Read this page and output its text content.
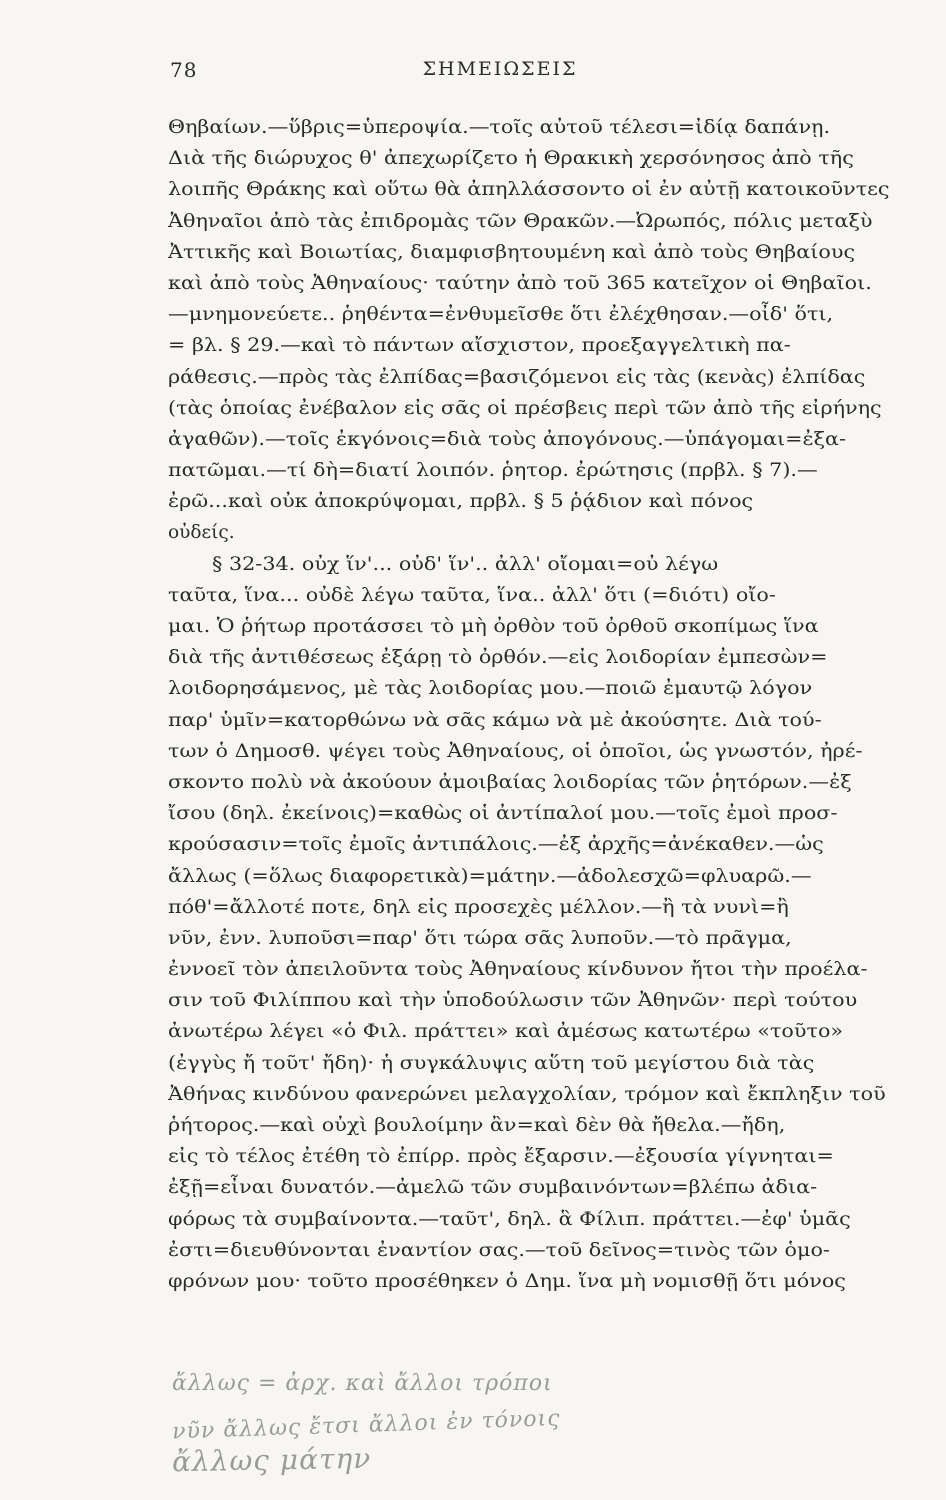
78	ΣΗΜΕΙΩΣΕΙΣ
Θηβαίων.—ὕβρις=ὑπεροψία.—τοῖς αὐτοῦ τέλεσι=ἰδίᾳ δαπάνῃ.
Διὰ τῆς διώρυχος θ' ἀπεχωρίζετο ἡ Θρακικὴ χερσόνησος ἀπὸ τῆς
λοιπῆς Θράκης καὶ οὕτω θὰ ἀπηλλάσσοντο οἱ ἐν αὐτῇ κατοικοῦντες
Ἀθηναῖοι ἀπὸ τὰς ἐπιδρομὰς τῶν Θρακῶν.—Ὠρωπός, πόλις μεταξὺ
Ἀττικῆς καὶ Βοιωτίας, διαμφισβητουμένη καὶ ἀπὸ τοὺς Θηβαίους
καὶ ἀπὸ τοὺς Ἀθηναίους· ταύτην ἀπὸ τοῦ 365 κατεῖχον οἱ Θηβαῖοι.
—μνημονεύετε.. ῥηθέντα=ἐνθυμεῖσθε ὅτι ἐλέχθησαν.—οἶδ' ὅτι,
= βλ. § 29.—καὶ τὸ πάντων αἴσχιστον, προεξαγγελτικὴ πα-
ράθεσις.—πρὸς τὰς ἐλπίδας=βασιζόμενοι εἰς τὰς (κενὰς) ἐλπίδας
(τὰς ὁποίας ἐνέβαλον εἰς σᾶς οἱ πρέσβεις περὶ τῶν ἀπὸ τῆς εἰρήνης
ἀγαθῶν).—τοῖς ἐκγόνοις=διὰ τοὺς ἀπογόνους.—ὑπάγομαι=ἐξα-
πατῶμαι.—τί δὴ=διατί λοιπόν. ῥητορ. ἐρώτησις (πρβλ. § 7).—
ἐρῶ...καὶ οὐκ ἀποκρύψομαι, πρβλ. § 5 ῥᾴδιον καὶ πόνος
οὐδείς.
§ 32-34. οὐχ ἵν'... οὐδ' ἵν'.. ἀλλ' οἴομαι=οὐ λέγω
ταῦτα, ἵνα... οὐδὲ λέγω ταῦτα, ἵνα.. ἀλλ' ὅτι (=διότι) οἴο-
μαι. Ὁ ῥήτωρ προτάσσει τὸ μὴ ὀρθὸν τοῦ ὀρθοῦ σκοπίμως ἵνα
διὰ τῆς ἀντιθέσεως ἐξάρῃ τὸ ὀρθόν.—εἰς λοιδορίαν ἐμπεσὼν=
λοιδορησάμενος, μὲ τὰς λοιδορίας μου.—ποιῶ ἐμαυτῷ λόγον
παρ' ὑμῖν=κατορθώνω νὰ σᾶς κάμω νὰ μὲ ἀκούσητε. Διὰ τού-
των ὁ Δημοσθ. ψέγει τοὺς Ἀθηναίους, οἱ ὁποῖοι, ὡς γνωστόν, ἠρέ-
σκοντο πολὺ νὰ ἀκούουν ἀμοιβαίας λοιδορίας τῶν ῥητόρων.—ἐξ
ἴσου (δηλ. ἐκείνοις)=καθὼς οἱ ἀντίπαλοί μου.—τοῖς ἐμοὶ προσ-
κρούσασιν=τοῖς ἐμοῖς ἀντιπάλοις.—ἐξ ἀρχῆς=ἀνέκαθεν.—ὡς
ἄλλως (=ὅλως διαφορετικὰ)=μάτην.—ἀδολεσχῶ=φλυαρῶ.—
πόθ'=ἄλλοτέ ποτε, δηλ εἰς προσεχὲς μέλλον.—ἢ τὰ νυνὶ=ἢ
νῦν, ἐνν. λυποῦσι=παρ' ὅτι τώρα σᾶς λυποῦν.—τὸ πρᾶγμα,
ἐννοεῖ τὸν ἀπειλοῦντα τοὺς Ἀθηναίους κίνδυνον ἤτοι τὴν προέλα-
σιν τοῦ Φιλίππου καὶ τὴν ὑποδούλωσιν τῶν Ἀθηνῶν· περὶ τούτου
ἀνωτέρω λέγει «ὁ Φιλ. πράττει» καὶ ἀμέσως κατωτέρω «τοῦτο»
(ἐγγὺς ἤ τοῦτ' ἤδη)· ἡ συγκάλυψις αὕτη τοῦ μεγίστου διὰ τὰς
Ἀθήνας κινδύνου φανερώνει μελαγχολίαν, τρόμον καὶ ἔκπληξιν τοῦ
ῥήτορος.—καὶ οὐχὶ βουλοίμην ἂν=καὶ δὲν θὰ ἤθελα.—ἤδη,
εἰς τὸ τέλος ἐτέθη τὸ ἐπίρρ. πρὸς ἔξαρσιν.—ἐξουσία γίγνηται=
ἐξῇ=εἶναι δυνατόν.—ἀμελῶ τῶν συμβαινόντων=βλέπω ἀδια-
φόρως τὰ συμβαίνοντα.—ταῦτ', δηλ. ἃ Φίλιπ. πράττει.—ἐφ' ὑμᾶς
ἐστι=διευθύνονται ἐναντίον σας.—τοῦ δεῖνος=τινὸς τῶν ὁμο-
φρόνων μου· τοῦτο προσέθηκεν ὁ Δημ. ἵνα μὴ νομισθῇ ὅτι μόνος
ἄλλως = ἀρχ. καὶ ἄλλοι τρόποι
νῦν ἄλλως ἔτσι ἄλλοι ἐν τόνοις
ἄλλως μάτην
